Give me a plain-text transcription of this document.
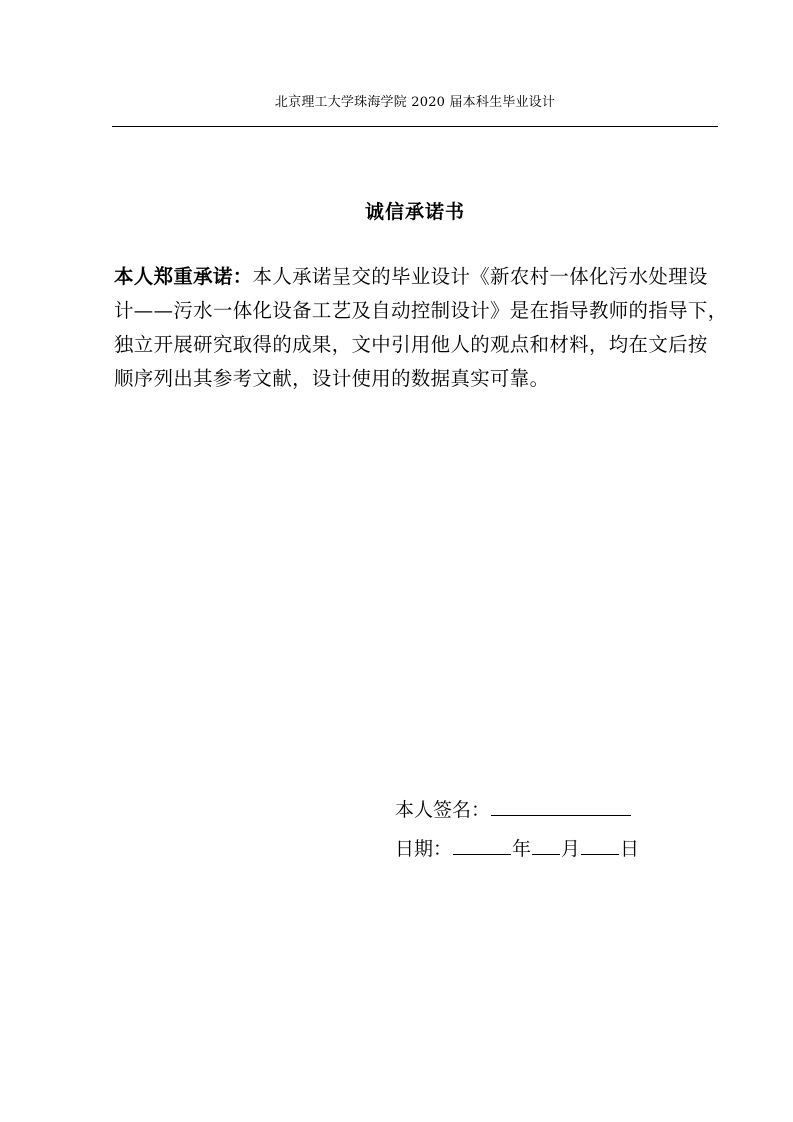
北京理工大学珠海学院 2020 届本科生毕业设计
诚信承诺书
本人郑重承诺：本人承诺呈交的毕业设计《新农村一体化污水处理设
计——污水一体化设备工艺及自动控制设计》是在指导教师的指导下，
独立开展研究取得的成果，文中引用他人的观点和材料，均在文后按
顺序列出其参考文献，设计使用的数据真实可靠。
本人签名：
日期：	年 月 日
